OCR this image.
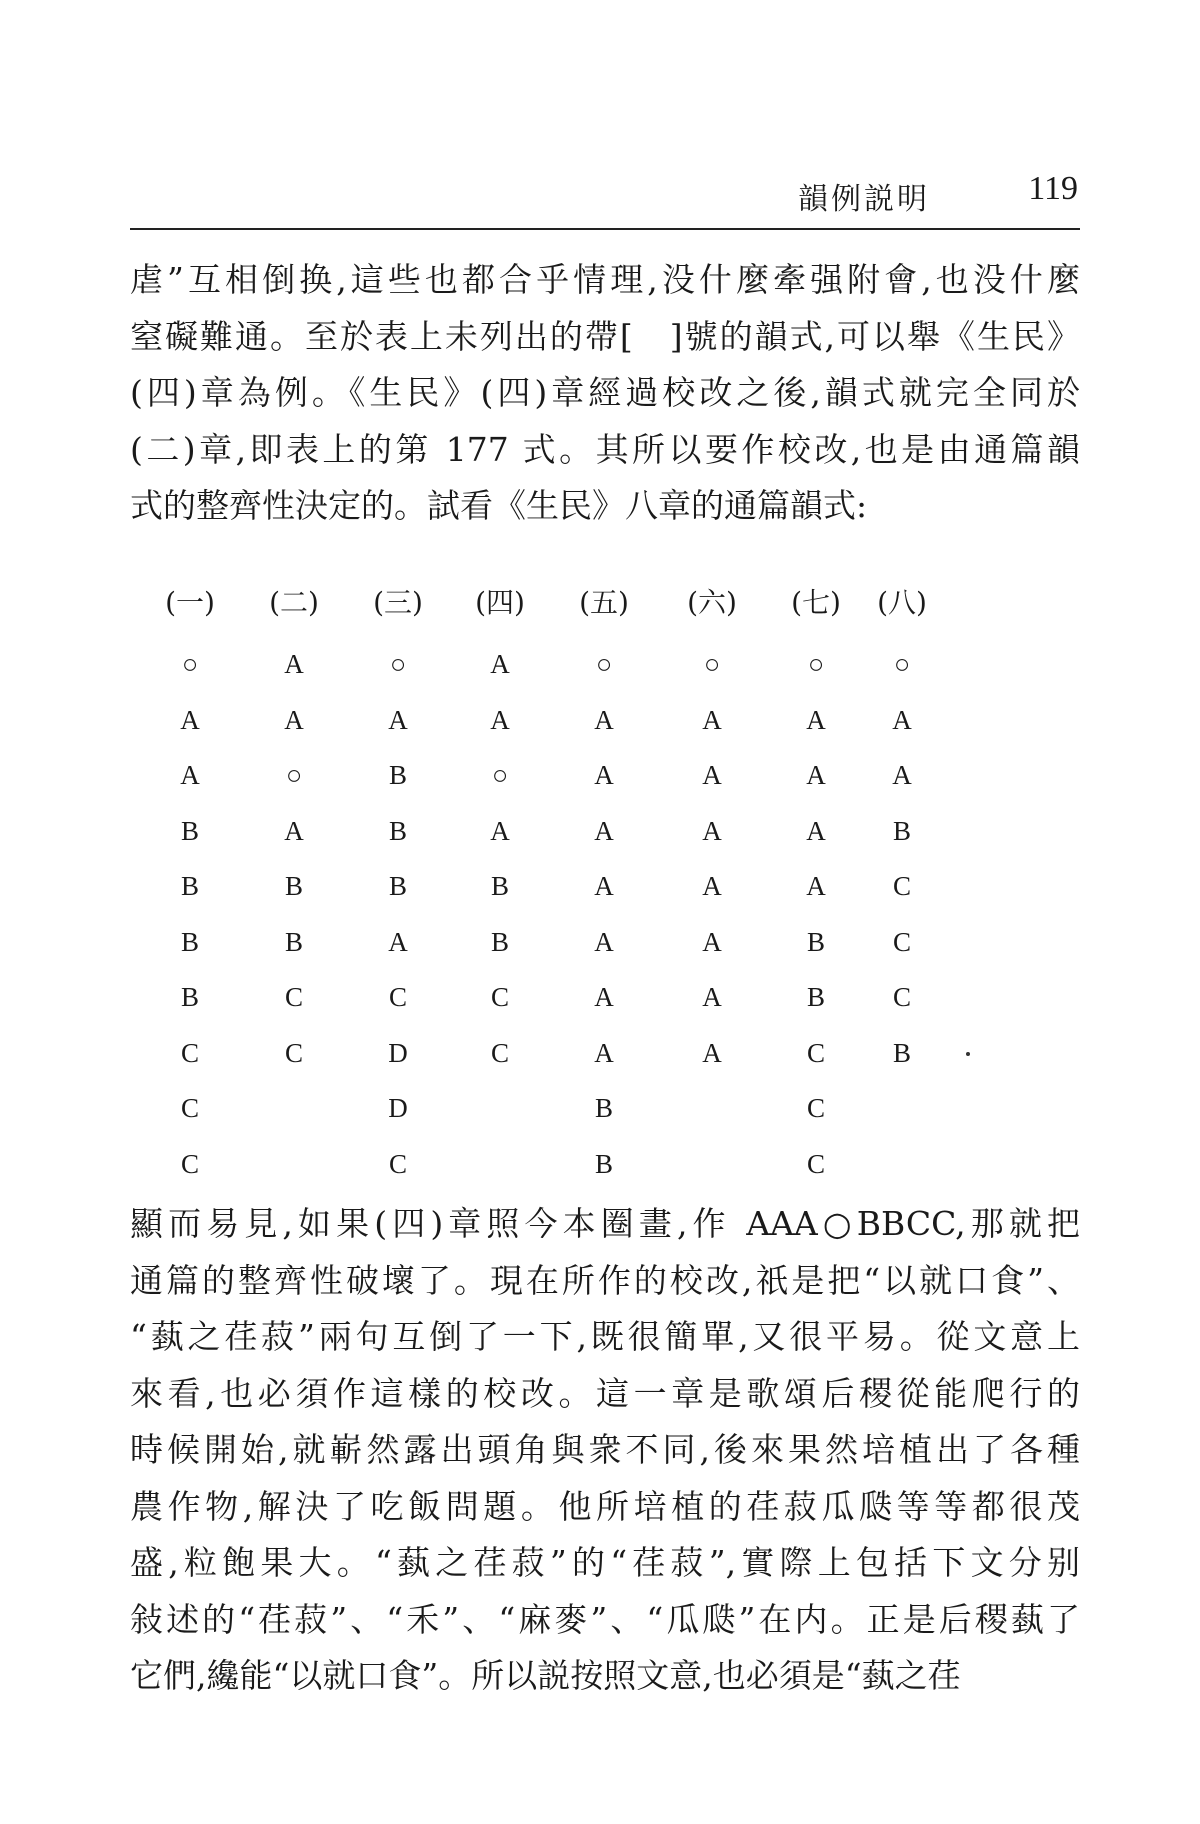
韻例説明	119
虐”互相倒换,這些也都合乎情理,没什麼牽强附會,也没什麼
窒礙難通。至於表上未列出的帶[　]號的韻式,可以舉《生民》
(四)章為例。《生民》(四)章經過校改之後,韻式就完全同於
(二)章,即表上的第 177 式。其所以要作校改,也是由通篇韻
式的整齊性決定的。試看《生民》八章的通篇韻式:
(一)
○
A
A
B
B
B
B
C
C
C
(二)
A
A
○
A
B
B
C
C
(三)
○
A
B
B
B
A
C
D
D
C
(四)
A
A
○
A
B
B
C
C
(五)
○
A
A
A
A
A
A
A
B
B
(六)
○
A
A
A
A
A
A
A
(七)
○
A
A
A
A
B
B
C
C
C
(八)
○
A
A
B
C
C
C
B
顯而易見,如果(四)章照今本圈畫,作 AAA○BBCC,那就把
通篇的整齊性破壞了。現在所作的校改,祇是把“以就口食”、
“蓺之荏菽”兩句互倒了一下,既很簡單,又很平易。從文意上
來看,也必須作這樣的校改。這一章是歌頌后稷從能爬行的
時候開始,就嶄然露出頭角與衆不同,後來果然培植出了各種
農作物,解決了吃飯問題。他所培植的荏菽瓜瓞等等都很茂
盛,粒飽果大。“蓺之荏菽”的“荏菽”,實際上包括下文分别
敍述的“荏菽”、“禾”、“麻麥”、“瓜瓞”在内。正是后稷蓺了
它們,纔能“以就口食”。所以説按照文意,也必須是“蓺之荏
